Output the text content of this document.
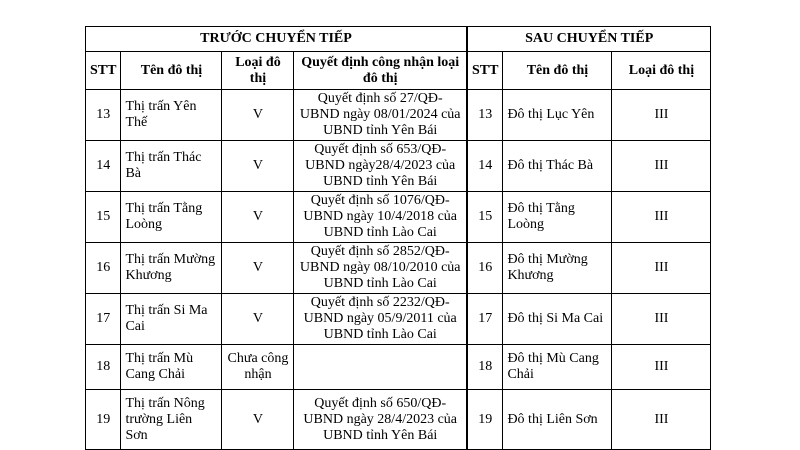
TRƯỚC CHUYỂN TIẾP				SAU CHUYỂN TIẾP		
STT	Tên đô thị	Loại đô thị	Quyết định công nhận loại đô thị	STT	Tên đô thị	Loại đô thị
13	Thị trấn Yên Thế	V	Quyết định số 27/QĐ-UBND ngày 08/01/2024 của UBND tỉnh Yên Bái	13	Đô thị Lục Yên	III
14	Thị trấn Thác Bà	V	Quyết định số 653/QĐ-UBND ngày28/4/2023 của UBND tỉnh Yên Bái	14	Đô thị Thác Bà	III
15	Thị trấn Tằng Loòng	V	Quyết định số 1076/QĐ-UBND ngày 10/4/2018 của UBND tỉnh Lào Cai	15	Đô thị Tằng Loòng	III
16	Thị trấn Mường Khương	V	Quyết định số 2852/QĐ-UBND ngày 08/10/2010 của UBND tỉnh Lào Cai	16	Đô thị Mường Khương	III
17	Thị trấn Si Ma Cai	V	Quyết định số 2232/QĐ-UBND ngày 05/9/2011 của UBND tỉnh Lào Cai	17	Đô thị Si Ma Cai	III
18	Thị trấn Mù Cang Chải	Chưa công nhận		18	Đô thị Mù Cang Chải	III
19	Thị trấn Nông trường Liên Sơn	V	Quyết định số 650/QĐ-UBND ngày 28/4/2023 của UBND tỉnh Yên Bái	19	Đô thị Liên Sơn	III
